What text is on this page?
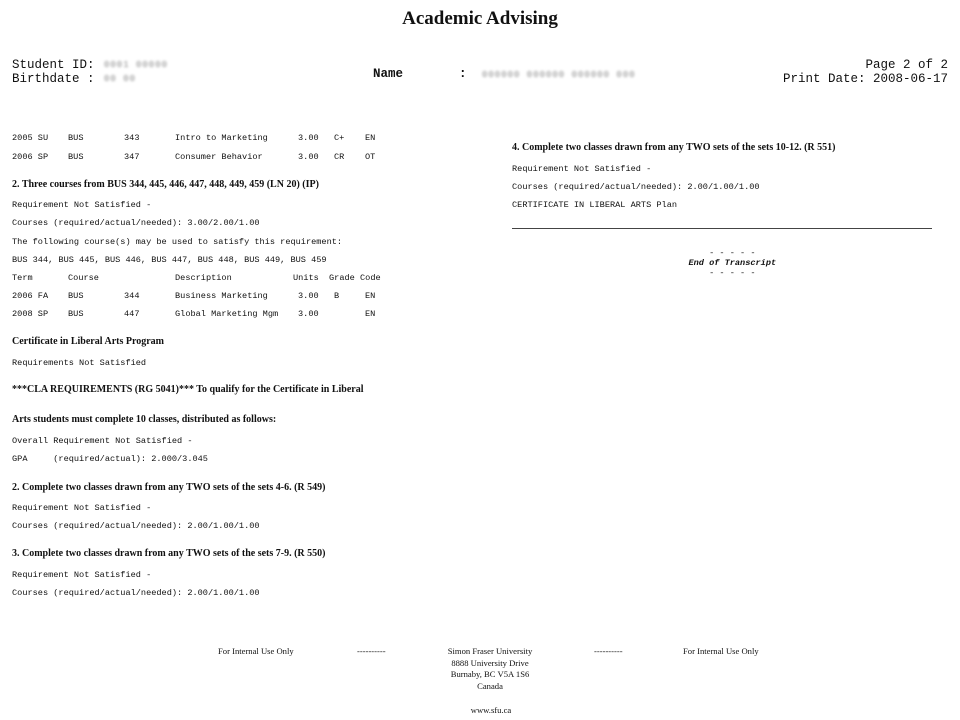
Academic Advising
Student ID: 0001 00000
Birthdate : 00 00	Name	: 000000 000000 000000 000
Page 2 of 2
Print Date: 2008-06-17
2005 SU BUS	343	Intro to Marketing	3.00 C+ EN
2006 SP BUS	347	Consumer Behavior	3.00 CR OT
2. Three courses from BUS 344, 445, 446, 447, 448, 449, 459 (LN 20) (IP)
Requirement Not Satisfied -
Courses (required/actual/needed): 3.00/2.00/1.00
The following course(s) may be used to satisfy this requirement:
BUS 344, BUS 445, BUS 446, BUS 447, BUS 448, BUS 449, BUS 459
Term	Course	Description	Units Grade Code
2006 FA BUS	344	Business Marketing	3.00 B	EN
2008 SP BUS	447	Global Marketing Mgm 3.00	EN
Certificate in Liberal Arts Program
Requirements Not Satisfied
***CLA REQUIREMENTS (RG 5041)*** To qualify for the Certificate in Liberal
Arts students must complete 10 classes, distributed as follows:
Overall Requirement Not Satisfied -
GPA     (required/actual): 2.000/3.045
2. Complete two classes drawn from any TWO sets of the sets 4-6. (R 549)
Requirement Not Satisfied -
Courses (required/actual/needed): 2.00/1.00/1.00
3. Complete two classes drawn from any TWO sets of the sets 7-9. (R 550)
Requirement Not Satisfied -
Courses (required/actual/needed): 2.00/1.00/1.00
4. Complete two classes drawn from any TWO sets of the sets 10-12. (R 551)
Requirement Not Satisfied -
Courses (required/actual/needed): 2.00/1.00/1.00
CERTIFICATE IN LIBERAL ARTS Plan

- - - - -
End of Transcript
- - - - -

For Internal Use Only	----------	Simon Fraser University
8888 University Drive
Burnaby, BC V5A 1S6
Canada
----------	For Internal Use Only
www.sfu.ca
